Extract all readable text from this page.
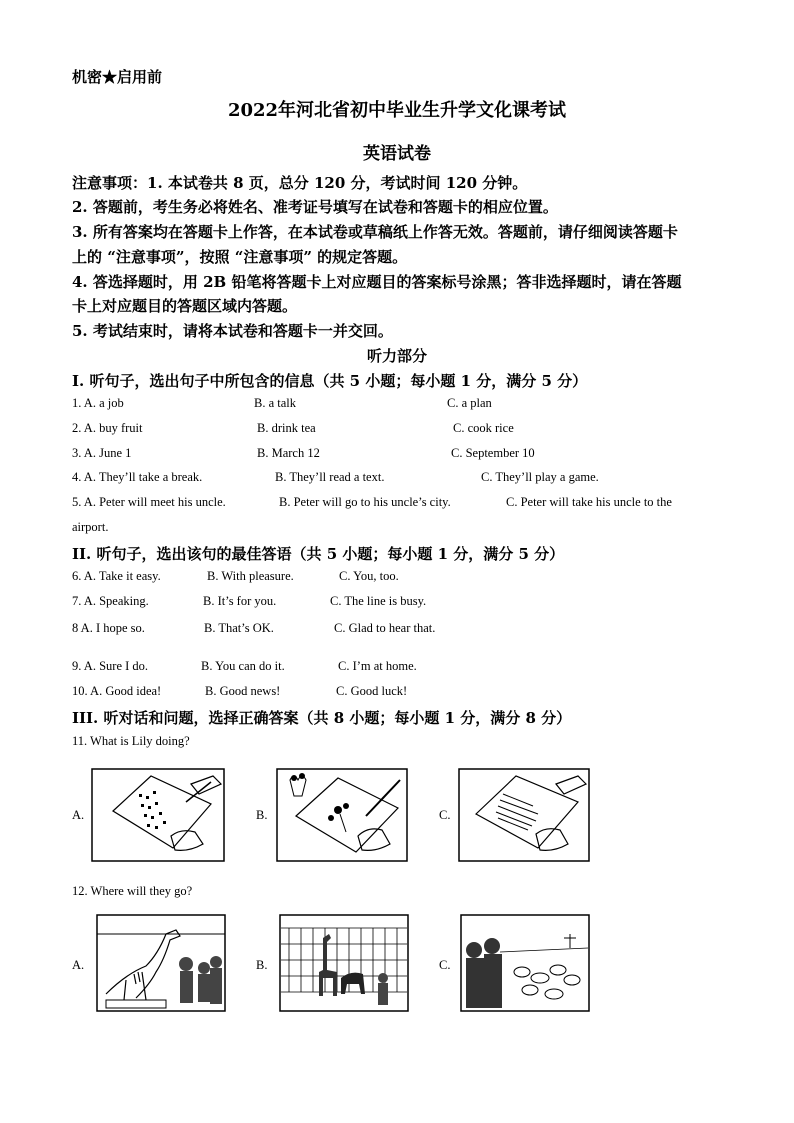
机密★启用前
2022年河北省初中毕业生升学文化课考试
英语试卷
注意事项：1. 本试卷共 8 页，总分 120 分，考试时间 120 分钟。
2. 答题前，考生务必将姓名、准考证号填写在试卷和答题卡的相应位置。
3. 所有答案均在答题卡上作答，在本试卷或草稿纸上作答无效。答题前，请仔细阅读答题卡
上的 “注意事项”，按照 “注意事项” 的规定答题。
4. 答选择题时，用 2B 铅笔将答题卡上对应题目的答案标号涂黑；答非选择题时，请在答题
卡上对应题目的答题区域内答题。
5. 考试结束时，请将本试卷和答题卡一并交回。
听力部分
Ⅰ. 听句子，选出句子中所包含的信息（共 5 小题；每小题 1 分，满分 5 分）
1. A. a job	B. a talk	C. a plan
2. A. buy fruit	B. drink tea	C. cook rice
3. A. June 1	B. March 12	C. September 10
4. A. They’ll take a break.	B. They’ll read a text.	C. They’ll play a game.
5. A. Peter will meet his uncle.	B. Peter will go to his uncle’s city.	C. Peter will take his uncle to the
airport.
II. 听句子，选出该句的最佳答语（共 5 小题；每小题 1 分，满分 5 分）
6. A. Take it easy.	B. With pleasure.	C. You, too.
7. A. Speaking.	B. It’s for you.	C. The line is busy.
8 A. I hope so.	B. That’s OK.	C. Glad to hear that.
9. A. Sure I do.	B. You can do it.	C. I’m at home.
10. A. Good idea!	B. Good news!	C. Good luck!
III. 听对话和问题，选择正确答案（共 8 小题；每小题 1 分，满分 8 分）
11. What is Lily doing?
A.	B.	C.
12. Where will they go?
A.	B.	C.
